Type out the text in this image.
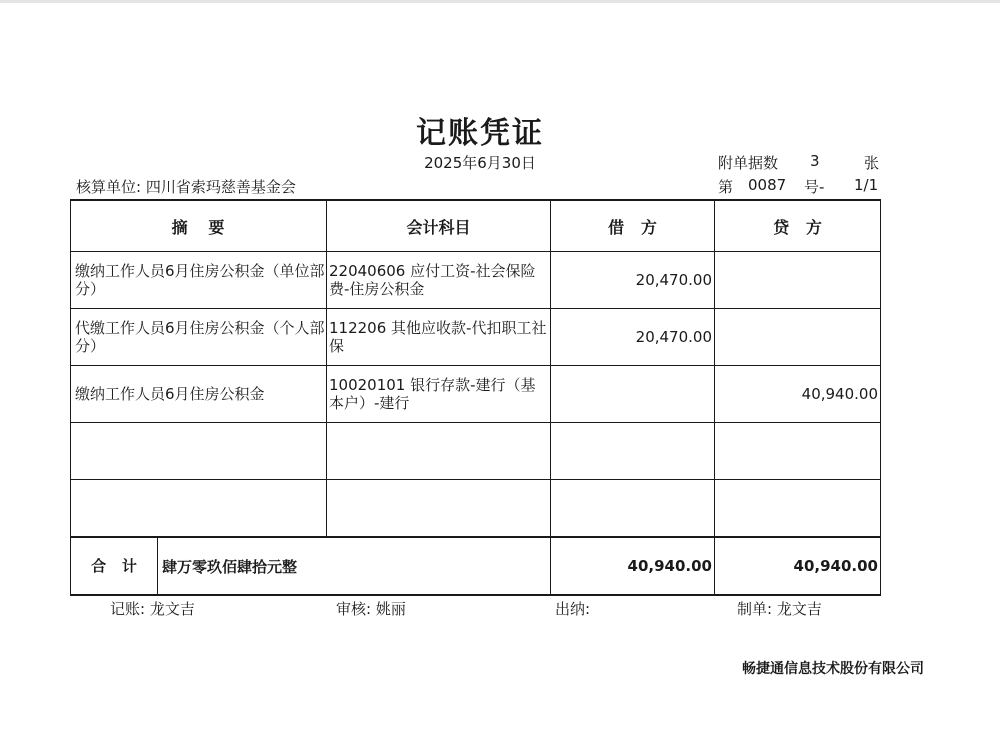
记账凭证
2025年6月30日
核算单位: 四川省索玛慈善基金会
附单据数 3	张
第 0087 号- 1/1
摘   要	会计科目	借   方	贷   方
缴纳工作人员6月住房公积金（单位部分）	22040606 应付工资-社会保险费-住房公积金	20,470.00	
代缴工作人员6月住房公积金（个人部分）	112206 其他应收款-代扣职工社保	20,470.00	
缴纳工作人员6月住房公积金	10020101 银行存款-建行（基本户）-建行		40,940.00

合   计 肆万零玖佰肆拾元整		40,940.00	40,940.00
记账: 龙文吉	审核: 姚丽	出纳:	制单: 龙文吉
畅捷通信息技术股份有限公司
